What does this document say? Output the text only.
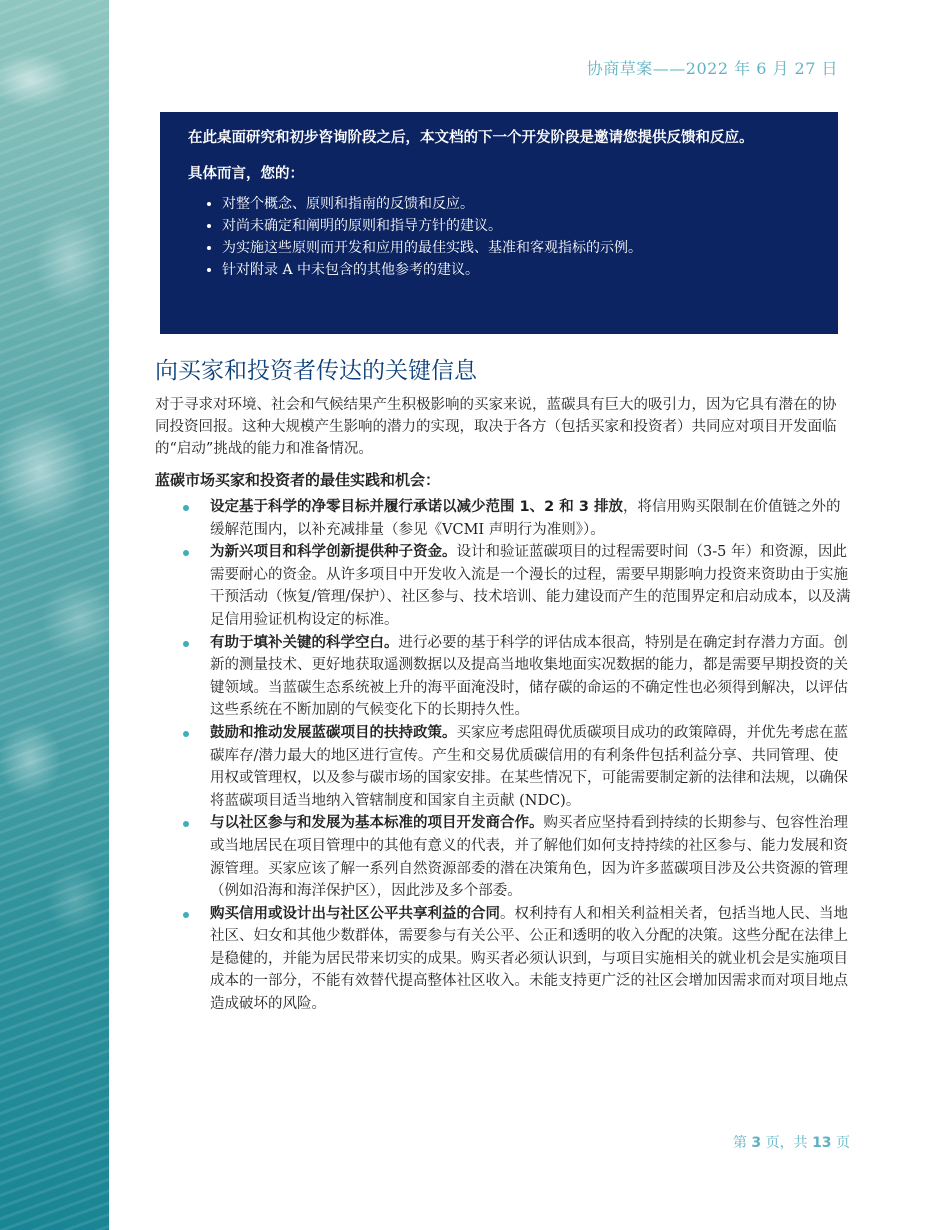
协商草案——2022 年 6 月 27 日

在此桌面研究和初步咨询阶段之后，本文档的下一个开发阶段是邀请您提供反馈和反应。

具体而言，您的：

• 对整个概念、原则和指南的反馈和反应。
• 对尚未确定和阐明的原则和指导方针的建议。
• 为实施这些原则而开发和应用的最佳实践、基准和客观指标的示例。
• 针对附录 A 中未包含的其他参考的建议。
向买家和投资者传达的关键信息

对于寻求对环境、社会和气候结果产生积极影响的买家来说，蓝碳具有巨大的吸引力，因为它具有潜在的协同投资回报。这种大规模产生影响的潜力的实现，取决于各方（包括买家和投资者）共同应对项目开发面临的“启动”挑战的能力和准备情况。

蓝碳市场买家和投资者的最佳实践和机会：

设定基于科学的净零目标并履行承诺以减少范围 1、2 和 3 排放，将信用购买限制在价值链之外的缓解范围内，以补充减排量（参见《VCMI 声明行为准则》）。
为新兴项目和科学创新提供种子资金。设计和验证蓝碳项目的过程需要时间（3-5 年）和资源，因此需要耐心的资金。从许多项目中开发收入流是一个漫长的过程，需要早期影响力投资来资助由于实施干预活动（恢复/管理/保护）、社区参与、技术培训、能力建设而产生的范围界定和启动成本，以及满足信用验证机构设定的标准。
有助于填补关键的科学空白。进行必要的基于科学的评估成本很高，特别是在确定封存潜力方面。创新的测量技术、更好地获取遥测数据以及提高当地收集地面实况数据的能力，都是需要早期投资的关键领域。当蓝碳生态系统被上升的海平面淹没时，储存碳的命运的不确定性也必须得到解决，以评估这些系统在不断加剧的气候变化下的长期持久性。
鼓励和推动发展蓝碳项目的扶持政策。买家应考虑阻碍优质碳项目成功的政策障碍，并优先考虑在蓝碳库存/潜力最大的地区进行宣传。产生和交易优质碳信用的有利条件包括利益分享、共同管理、使用权或管理权，以及参与碳市场的国家安排。在某些情况下，可能需要制定新的法律和法规，以确保将蓝碳项目适当地纳入管辖制度和国家自主贡献 (NDC)。
与以社区参与和发展为基本标准的项目开发商合作。购买者应坚持看到持续的长期参与、包容性治理或当地居民在项目管理中的其他有意义的代表，并了解他们如何支持持续的社区参与、能力发展和资源管理。买家应该了解一系列自然资源部委的潜在决策角色，因为许多蓝碳项目涉及公共资源的管理（例如沿海和海洋保护区），因此涉及多个部委。
购买信用或设计出与社区公平共享利益的合同。权利持有人和相关利益相关者，包括当地人民、当地社区、妇女和其他少数群体，需要参与有关公平、公正和透明的收入分配的决策。这些分配在法律上是稳健的，并能为居民带来切实的成果。购买者必须认识到，与项目实施相关的就业机会是实施项目成本的一部分，不能有效替代提高整体社区收入。未能支持更广泛的社区会增加因需求而对项目地点造成破坏的风险。
第 3 页，共 13 页
